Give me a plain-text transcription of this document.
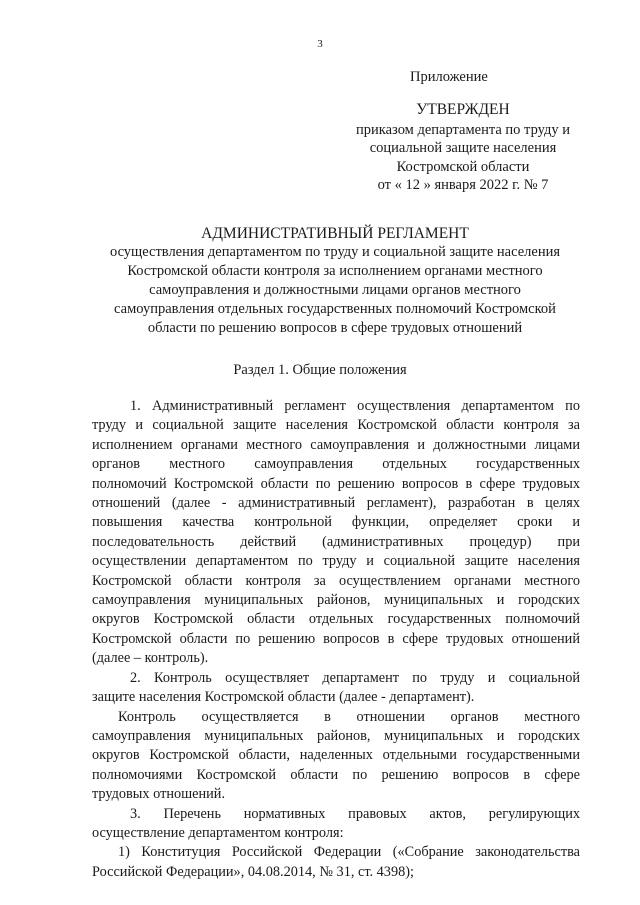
3
Приложение
УТВЕРЖДЕН
приказом департамента по труду и
социальной защите населения
Костромской области
от « 12 » января 2022 г. № 7
АДМИНИСТРАТИВНЫЙ РЕГЛАМЕНТ
осуществления департаментом по труду и социальной защите населения
Костромской области контроля за исполнением органами местного
самоуправления и должностными лицами органов местного
самоуправления отдельных государственных полномочий Костромской
области по решению вопросов в сфере трудовых отношений
Раздел 1. Общие положения

1. Административный регламент осуществления департаментом по

труду и социальной защите населения Костромской области контроля за

исполнением органами местного самоуправления и должностными лицами

органов местного самоуправления отдельных государственных

полномочий Костромской области по решению вопросов в сфере трудовых

отношений (далее - административный регламент), разработан в целях

повышения качества контрольной функции, определяет сроки и

последовательность действий (административных процедур) при

осуществлении департаментом по труду и социальной защите населения

Костромской области контроля за осуществлением органами местного

самоуправления муниципальных районов, муниципальных и городских

округов Костромской области отдельных государственных полномочий

Костромской области по решению вопросов в сфере трудовых отношений

(далее – контроль).

2. Контроль осуществляет департамент по труду и социальной

защите населения Костромской области (далее - департамент).

Контроль осуществляется в отношении органов местного

самоуправления муниципальных районов, муниципальных и городских

округов Костромской области, наделенных отдельными государственными

полномочиями Костромской области по решению вопросов в сфере

трудовых отношений.

3. Перечень нормативных правовых актов, регулирующих

осуществление департаментом контроля:

1) Конституция Российской Федерации («Собрание законодательства

Российской Федерации», 04.08.2014, № 31, ст. 4398);
